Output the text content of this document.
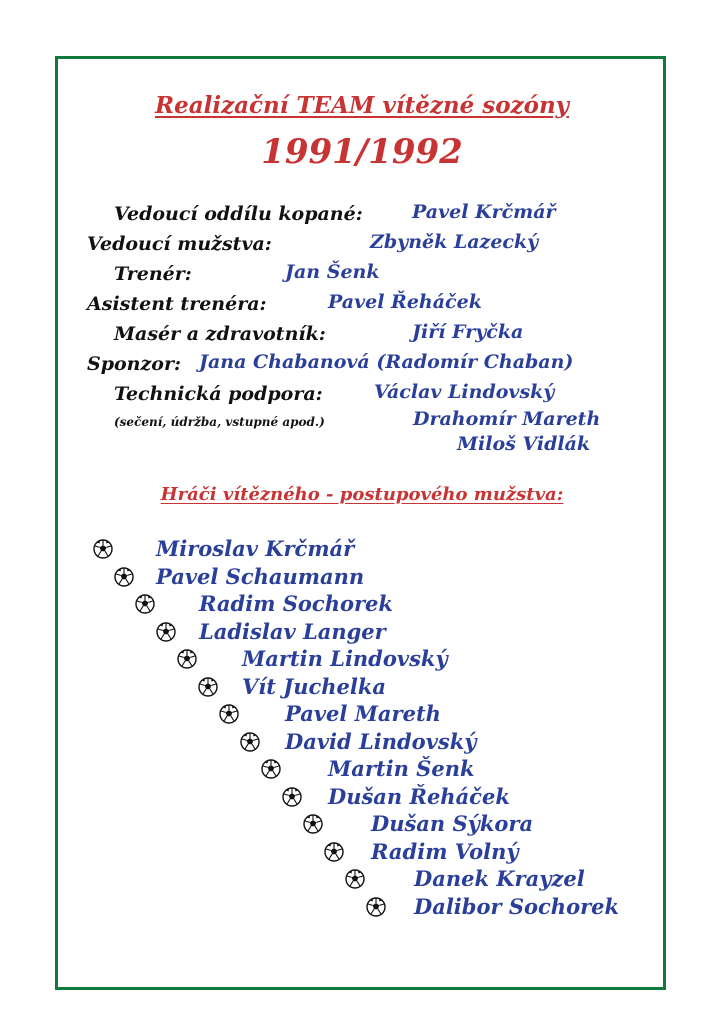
Realizační TEAM vítězné sozóny
1991/1992
Vedoucí oddílu kopané:	Pavel Krčmář
Vedoucí mužstva:	Zbyněk Lazecký
Trenér:	Jan Šenk
Asistent trenéra:	Pavel Řeháček
Masér a zdravotník:	Jiří Fryčka
Sponzor: Jana Chabanová (Radomír Chaban)
Technická podpora:	Václav Lindovský
(sečení, údržba, vstupné apod.)	Drahomír Mareth
Miloš Vidlák
Hráči vítězného - postupového mužstva:
Miroslav Krčmář
Pavel Schaumann
Radim Sochorek
Ladislav Langer
Martin Lindovský
Vít Juchelka
Pavel Mareth
David Lindovský
Martin Šenk
Dušan Řeháček
Dušan Sýkora
Radim Volný
Danek Krayzel
Dalibor Sochorek
